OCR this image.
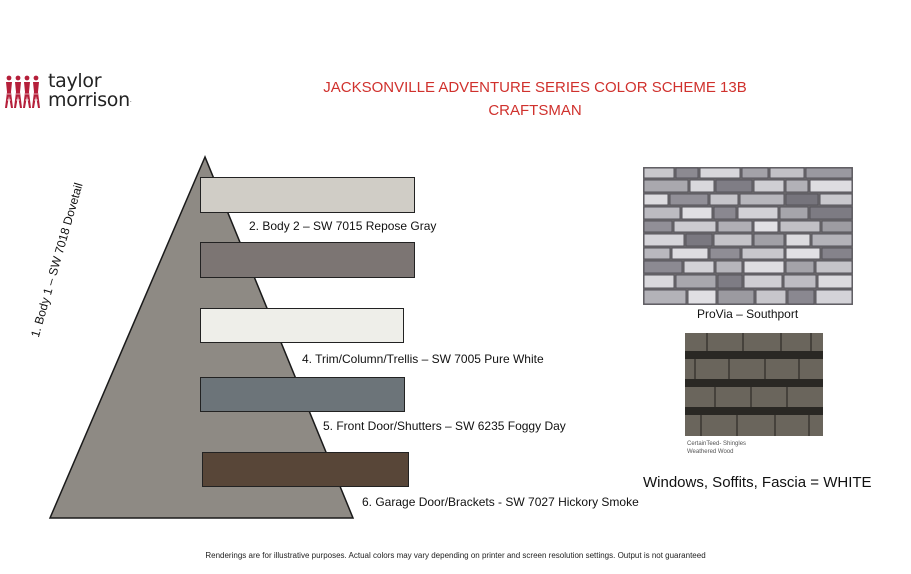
taylor
morrison.
JACKSONVILLE ADVENTURE SERIES COLOR SCHEME 13B
CRAFTSMAN
1. Body 1 – SW 7018 Dovetail	2. Body 2 – SW 7015 Repose Gray
4. Trim/Column/Trellis – SW 7005 Pure White
5. Front Door/Shutters – SW 6235 Foggy Day
6. Garage Door/Brackets - SW 7027 Hickory Smoke
ProVia – Southport
CertainTeed- Shingles
Weathered Wood
Windows, Soffits, Fascia = WHITE
Renderings are for illustrative purposes. Actual colors may vary depending on printer and screen resolution settings. Output is not guaranteed
